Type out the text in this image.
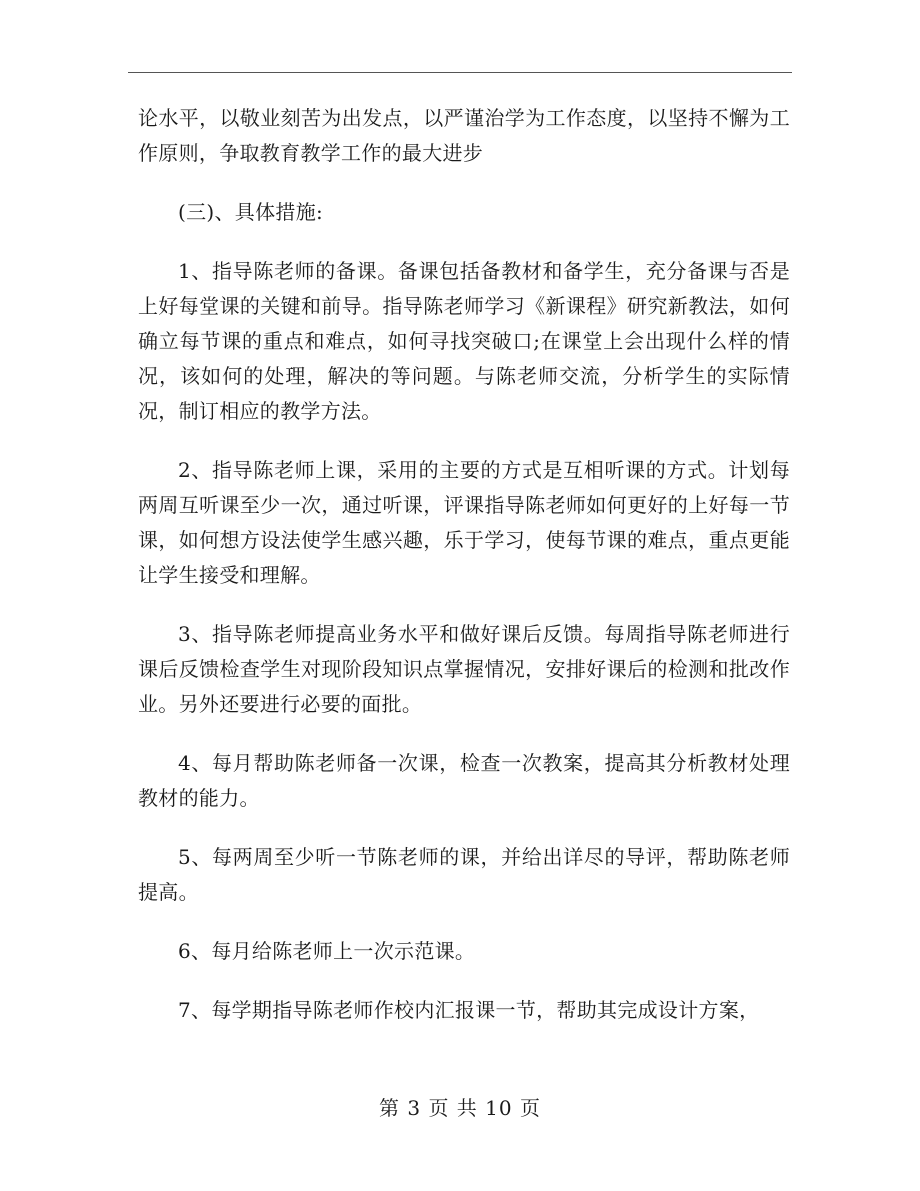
论水平，以敬业刻苦为出发点，以严谨治学为工作态度，以坚持不懈为工作原则，争取教育教学工作的最大进步

(三)、具体措施:

1、指导陈老师的备课。备课包括备教材和备学生，充分备课与否是上好每堂课的关键和前导。指导陈老师学习《新课程》研究新教法，如何确立每节课的重点和难点，如何寻找突破口;在课堂上会出现什么样的情况，该如何的处理，解决的等问题。与陈老师交流，分析学生的实际情况，制订相应的教学方法。

2、指导陈老师上课，采用的主要的方式是互相听课的方式。计划每两周互听课至少一次，通过听课，评课指导陈老师如何更好的上好每一节课，如何想方设法使学生感兴趣，乐于学习，使每节课的难点，重点更能让学生接受和理解。

3、指导陈老师提高业务水平和做好课后反馈。每周指导陈老师进行课后反馈检查学生对现阶段知识点掌握情况，安排好课后的检测和批改作业。另外还要进行必要的面批。

4、每月帮助陈老师备一次课，检查一次教案，提高其分析教材处理教材的能力。

5、每两周至少听一节陈老师的课，并给出详尽的导评，帮助陈老师提高。

6、每月给陈老师上一次示范课。

7、每学期指导陈老师作校内汇报课一节，帮助其完成设计方案，

第 3 页 共 10 页
